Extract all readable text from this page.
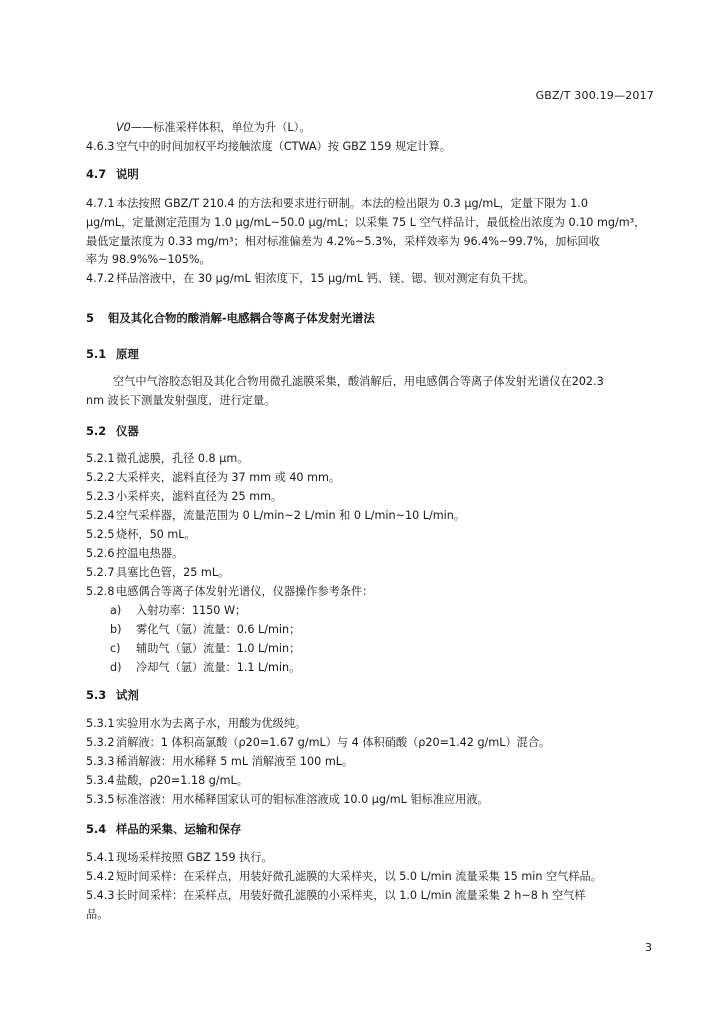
GBZ/T 300.19—2017
V0——标准采样体积，单位为升（L）。
4.6.3 空气中的时间加权平均接触浓度（CTWA）按 GBZ 159 规定计算。
4.7 说明
4.7.1 本法按照 GBZ/T 210.4 的方法和要求进行研制。本法的检出限为 0.3 μg/mL，定量下限为 1.0
μg/mL，定量测定范围为 1.0 μg/mL~50.0 μg/mL；以采集 75 L 空气样品计，最低检出浓度为 0.10 mg/m³，
最低定量浓度为 0.33 mg/m³；相对标准偏差为 4.2%~5.3%，采样效率为 96.4%~99.7%，加标回收
率为 98.9%%~105%。
4.7.2 样品溶液中，在 30 μg/mL 钼浓度下，15 μg/mL 钙、镁、锶、钡对测定有负干扰。
5 钼及其化合物的酸消解-电感耦合等离子体发射光谱法
5.1 原理
空气中气溶胶态钼及其化合物用微孔滤膜采集，酸消解后，用电感偶合等离子体发射光谱仪在202.3
nm 波长下测量发射强度，进行定量。
5.2 仪器
5.2.1 微孔滤膜，孔径 0.8 μm。
5.2.2 大采样夹，滤料直径为 37 mm 或 40 mm。
5.2.3 小采样夹，滤料直径为 25 mm。
5.2.4 空气采样器，流量范围为 0 L/min~2 L/min 和 0 L/min~10 L/min。
5.2.5 烧杯，50 mL。
5.2.6 控温电热器。
5.2.7 具塞比色管，25 mL。
5.2.8 电感偶合等离子体发射光谱仪，仪器操作参考条件：
a) 入射功率：1150 W；
b) 雾化气（氩）流量：0.6 L/min；
c) 辅助气（氩）流量：1.0 L/min；
d) 冷却气（氩）流量：1.1 L/min。
5.3 试剂
5.3.1 实验用水为去离子水，用酸为优级纯。
5.3.2 消解液：1 体积高氯酸（ρ20=1.67 g/mL）与 4 体积硝酸（ρ20=1.42 g/mL）混合。
5.3.3 稀消解液：用水稀释 5 mL 消解液至 100 mL。
5.3.4 盐酸，ρ20=1.18 g/mL。
5.3.5 标准溶液：用水稀释国家认可的钼标准溶液成 10.0 μg/mL 钼标准应用液。
5.4 样品的采集、运输和保存
5.4.1 现场采样按照 GBZ 159 执行。
5.4.2 短时间采样：在采样点，用装好微孔滤膜的大采样夹，以 5.0 L/min 流量采集 15 min 空气样品。
5.4.3 长时间采样：在采样点，用装好微孔滤膜的小采样夹，以 1.0 L/min 流量采集 2 h~8 h 空气样
品。
3
